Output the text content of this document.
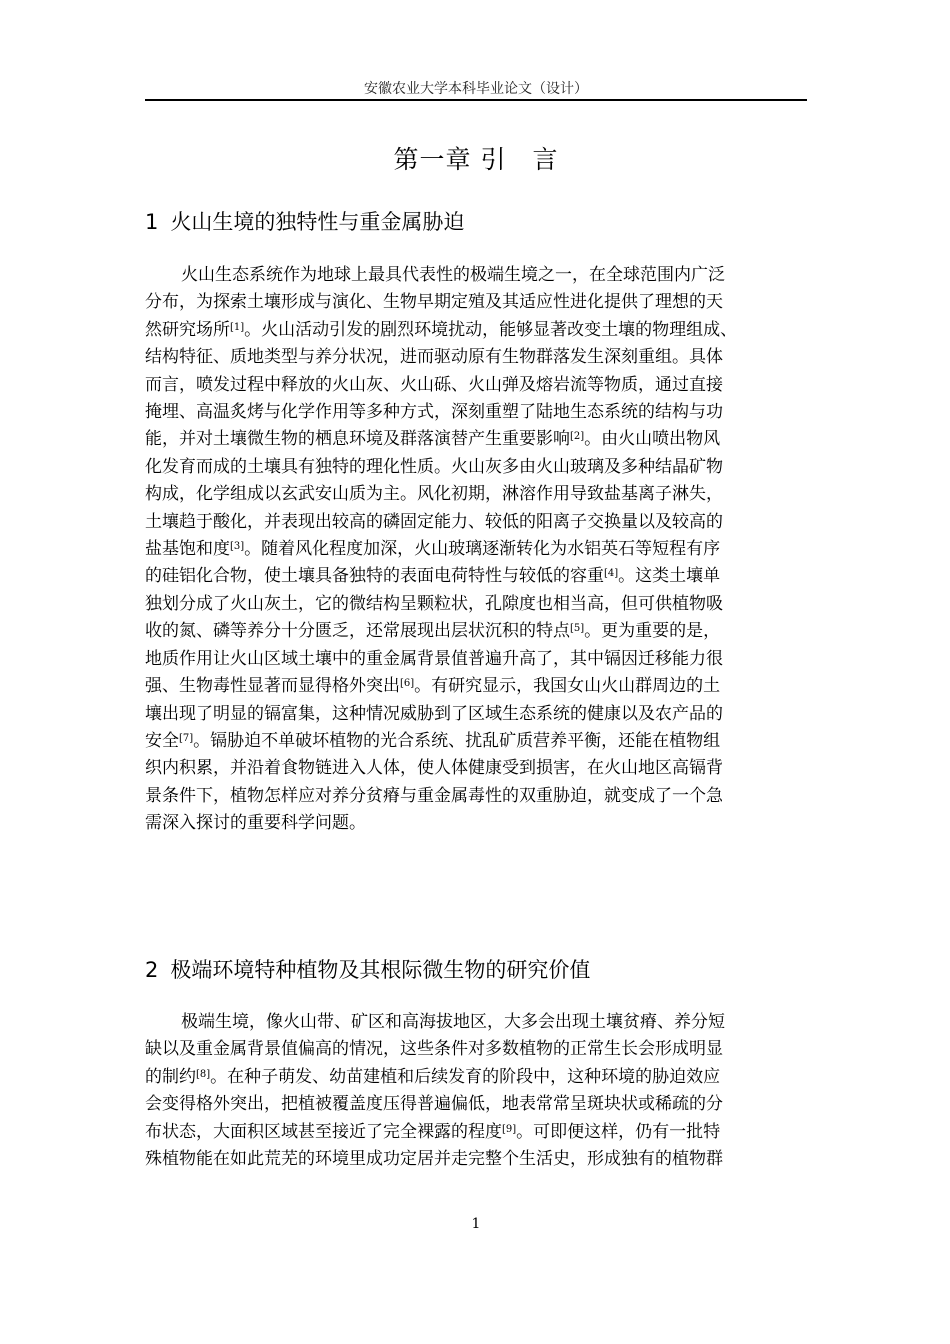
安徽农业大学本科毕业论文（设计）
第一章 引　言
1 火山生境的独特性与重金属胁迫

火山生态系统作为地球上最具代表性的极端生境之一，在全球范围内广泛
分布，为探索土壤形成与演化、生物早期定殖及其适应性进化提供了理想的天
然研究场所[1]。火山活动引发的剧烈环境扰动，能够显著改变土壤的物理组成、
结构特征、质地类型与养分状况，进而驱动原有生物群落发生深刻重组。具体
而言，喷发过程中释放的火山灰、火山砾、火山弹及熔岩流等物质，通过直接
掩埋、高温炙烤与化学作用等多种方式，深刻重塑了陆地生态系统的结构与功
能，并对土壤微生物的栖息环境及群落演替产生重要影响[2]。由火山喷出物风
化发育而成的土壤具有独特的理化性质。火山灰多由火山玻璃及多种结晶矿物
构成，化学组成以玄武安山质为主。风化初期，淋溶作用导致盐基离子淋失，
土壤趋于酸化，并表现出较高的磷固定能力、较低的阳离子交换量以及较高的
盐基饱和度[3]。随着风化程度加深，火山玻璃逐渐转化为水铝英石等短程有序
的硅铝化合物，使土壤具备独特的表面电荷特性与较低的容重[4]。这类土壤单
独划分成了火山灰土，它的微结构呈颗粒状，孔隙度也相当高，但可供植物吸
收的氮、磷等养分十分匮乏，还常展现出层状沉积的特点[5]。更为重要的是，
地质作用让火山区域土壤中的重金属背景值普遍升高了，其中镉因迁移能力很
强、生物毒性显著而显得格外突出[6]。有研究显示，我国女山火山群周边的土
壤出现了明显的镉富集，这种情况威胁到了区域生态系统的健康以及农产品的
安全[7]。镉胁迫不单破坏植物的光合系统、扰乱矿质营养平衡，还能在植物组
织内积累，并沿着食物链进入人体，使人体健康受到损害，在火山地区高镉背
景条件下，植物怎样应对养分贫瘠与重金属毒性的双重胁迫，就变成了一个急
需深入探讨的重要科学问题。

2 极端环境特种植物及其根际微生物的研究价值

极端生境，像火山带、矿区和高海拔地区，大多会出现土壤贫瘠、养分短
缺以及重金属背景值偏高的情况，这些条件对多数植物的正常生长会形成明显
的制约[8]。在种子萌发、幼苗建植和后续发育的阶段中，这种环境的胁迫效应
会变得格外突出，把植被覆盖度压得普遍偏低，地表常常呈斑块状或稀疏的分
布状态，大面积区域甚至接近了完全裸露的程度[9]。可即便这样，仍有一批特
殊植物能在如此荒芜的环境里成功定居并走完整个生活史，形成独有的植物群

1
